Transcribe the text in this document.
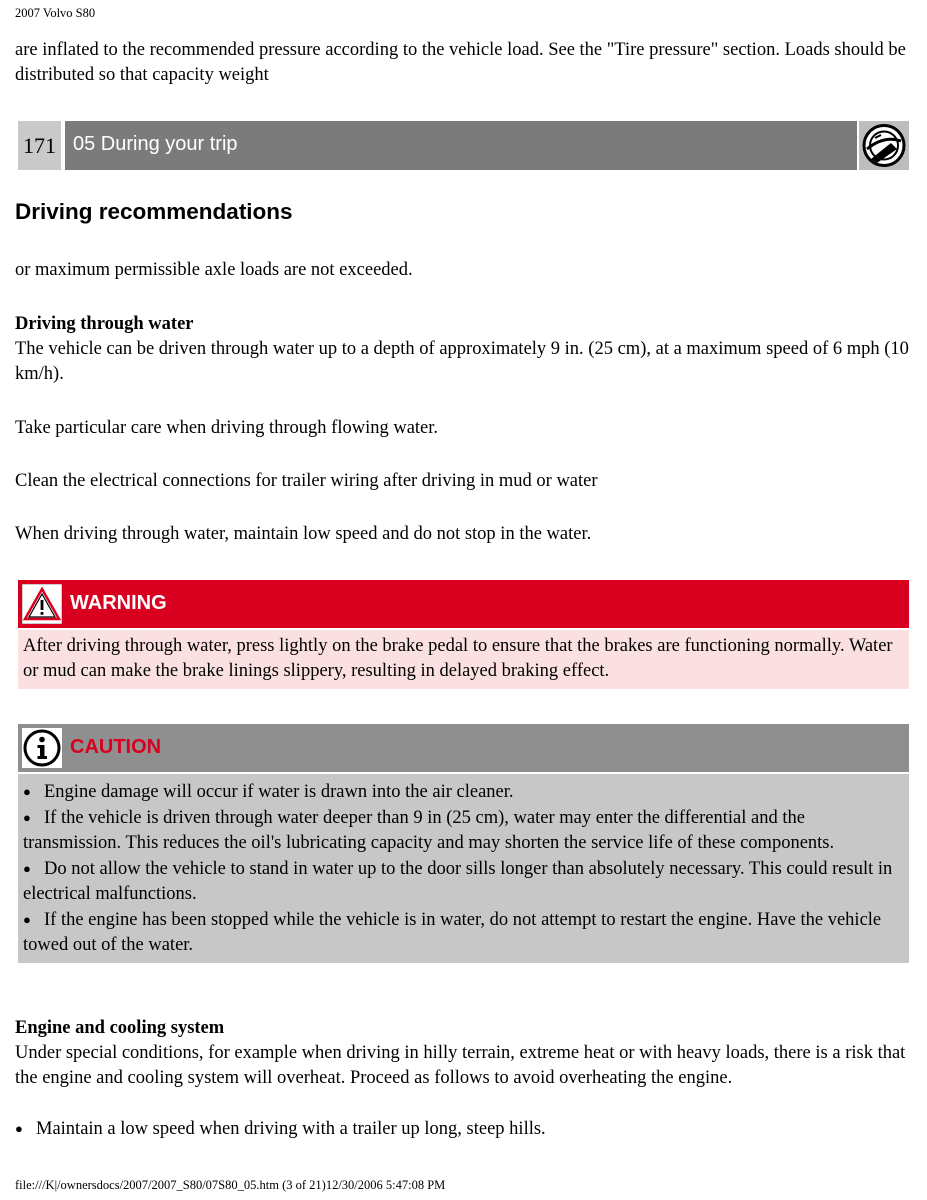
2007 Volvo S80

are inflated to the recommended pressure according to the vehicle load. See the "Tire pressure" section. Loads should be distributed so that capacity weight

171 05 During your trip
Driving recommendations

or maximum permissible axle loads are not exceeded.

Driving through water

The vehicle can be driven through water up to a depth of approximately 9 in. (25 cm), at a maximum speed of 6 mph (10 km/h).

Take particular care when driving through flowing water.

Clean the electrical connections for trailer wiring after driving in mud or water

When driving through water, maintain low speed and do not stop in the water.

WARNING
After driving through water, press lightly on the brake pedal to ensure that the brakes are functioning normally. Water or mud can make the brake linings slippery, resulting in delayed braking effect.
CAUTION

● Engine damage will occur if water is drawn into the air cleaner.

● If the vehicle is driven through water deeper than 9 in (25 cm), water may enter the differential and the transmission. This reduces the oil's lubricating capacity and may shorten the service life of these components.

● Do not allow the vehicle to stand in water up to the door sills longer than absolutely necessary. This could result in electrical malfunctions.

● If the engine has been stopped while the vehicle is in water, do not attempt to restart the engine. Have the vehicle towed out of the water.

Engine and cooling system

Under special conditions, for example when driving in hilly terrain, extreme heat or with heavy loads, there is a risk that the engine and cooling system will overheat. Proceed as follows to avoid overheating the engine.

● Maintain a low speed when driving with a trailer up long, steep hills.

file:///K|/ownersdocs/2007/2007_S80/07S80_05.htm (3 of 21)12/30/2006 5:47:08 PM
